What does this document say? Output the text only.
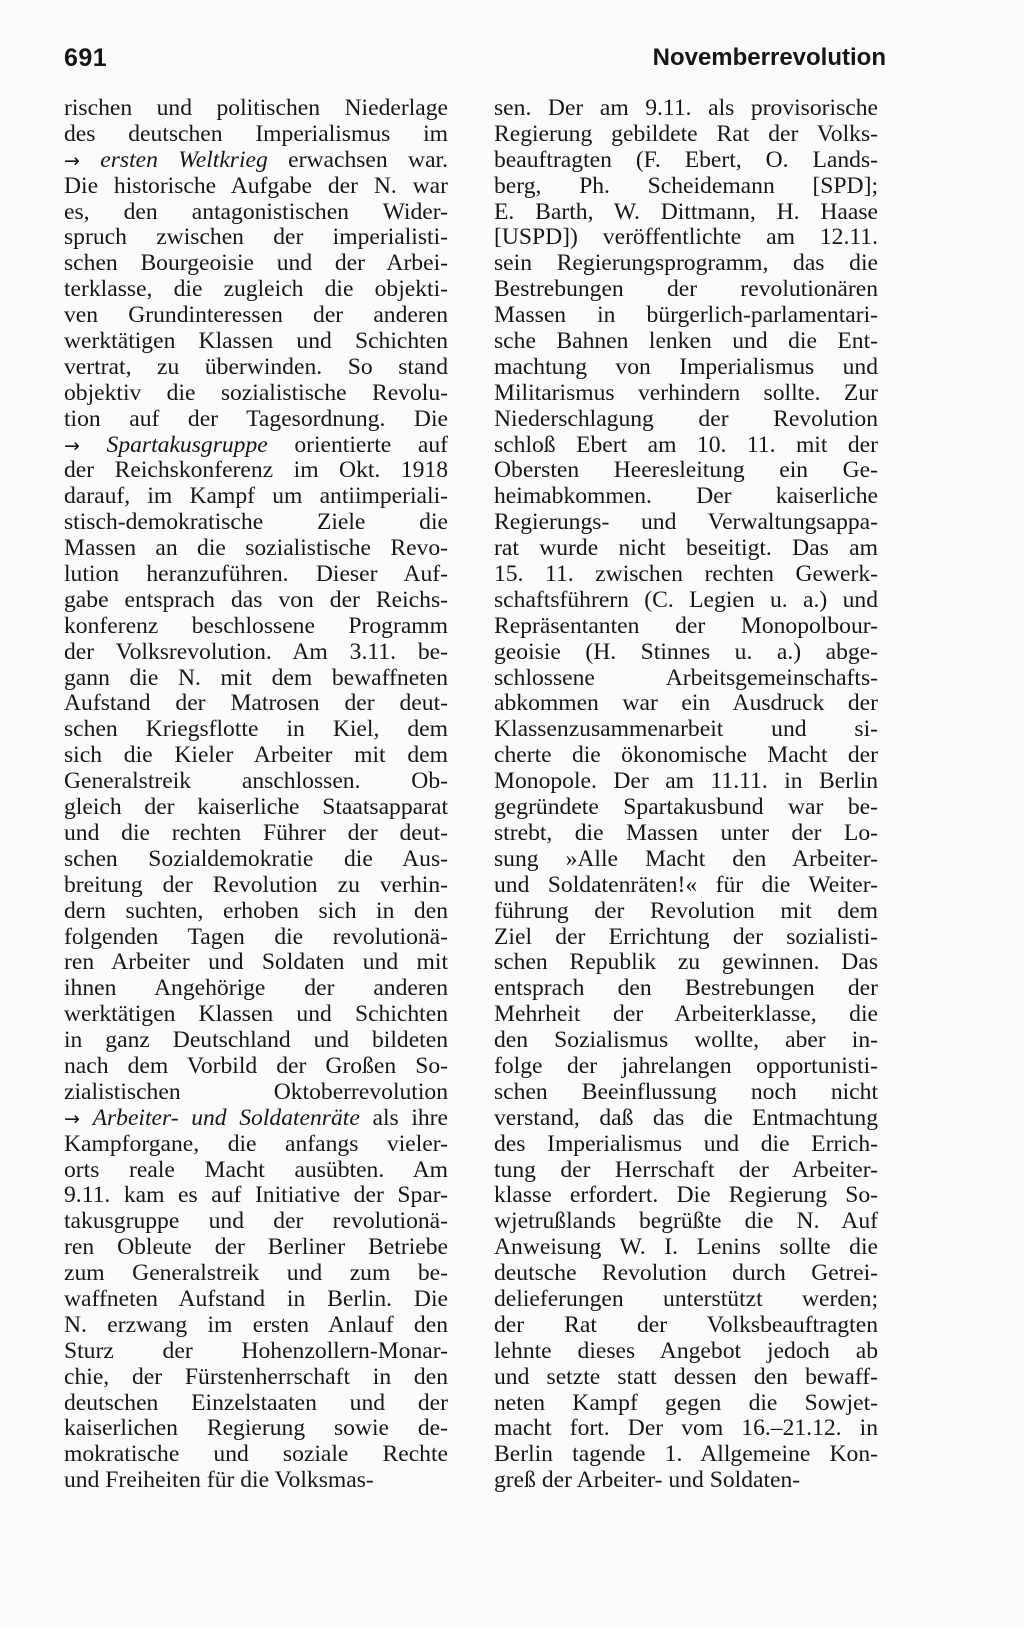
691	Novemberrevolution
rischen und politischen Niederlage
des deutschen Imperialismus im
→ ersten Weltkrieg erwachsen war.
Die historische Aufgabe der N. war
es, den antagonistischen Wider-
spruch zwischen der imperialisti-
schen Bourgeoisie und der Arbei-
terklasse, die zugleich die objekti-
ven Grundinteressen der anderen
werktätigen Klassen und Schichten
vertrat, zu überwinden. So stand
objektiv die sozialistische Revolu-
tion auf der Tagesordnung. Die
→ Spartakusgruppe orientierte auf
der Reichskonferenz im Okt. 1918
darauf, im Kampf um antiimperiali-
stisch-demokratische Ziele die
Massen an die sozialistische Revo-
lution heranzuführen. Dieser Auf-
gabe entsprach das von der Reichs-
konferenz beschlossene Programm
der Volksrevolution. Am 3.11. be-
gann die N. mit dem bewaffneten
Aufstand der Matrosen der deut-
schen Kriegsflotte in Kiel, dem
sich die Kieler Arbeiter mit dem
Generalstreik anschlossen. Ob-
gleich der kaiserliche Staatsapparat
und die rechten Führer der deut-
schen Sozialdemokratie die Aus-
breitung der Revolution zu verhin-
dern suchten, erhoben sich in den
folgenden Tagen die revolutionä-
ren Arbeiter und Soldaten und mit
ihnen Angehörige der anderen
werktätigen Klassen und Schichten
in ganz Deutschland und bildeten
nach dem Vorbild der Großen So-
zialistischen Oktoberrevolution
→ Arbeiter- und Soldatenräte als ihre
Kampforgane, die anfangs vieler-
orts reale Macht ausübten. Am
9.11. kam es auf Initiative der Spar-
takusgruppe und der revolutionä-
ren Obleute der Berliner Betriebe
zum Generalstreik und zum be-
waffneten Aufstand in Berlin. Die
N. erzwang im ersten Anlauf den
Sturz der Hohenzollern-Monar-
chie, der Fürstenherrschaft in den
deutschen Einzelstaaten und der
kaiserlichen Regierung sowie de-
mokratische und soziale Rechte
und Freiheiten für die Volksmas-
sen. Der am 9.11. als provisorische
Regierung gebildete Rat der Volks-
beauftragten (F. Ebert, O. Lands-
berg, Ph. Scheidemann [SPD];
E. Barth, W. Dittmann, H. Haase
[USPD]) veröffentlichte am 12.11.
sein Regierungsprogramm, das die
Bestrebungen der revolutionären
Massen in bürgerlich-parlamentari-
sche Bahnen lenken und die Ent-
machtung von Imperialismus und
Militarismus verhindern sollte. Zur
Niederschlagung der Revolution
schloß Ebert am 10. 11. mit der
Obersten Heeresleitung ein Ge-
heimabkommen. Der kaiserliche
Regierungs- und Verwaltungsappa-
rat wurde nicht beseitigt. Das am
15. 11. zwischen rechten Gewerk-
schaftsführern (C. Legien u. a.) und
Repräsentanten der Monopolbour-
geoisie (H. Stinnes u. a.) abge-
schlossene Arbeitsgemeinschafts-
abkommen war ein Ausdruck der
Klassenzusammenarbeit und si-
cherte die ökonomische Macht der
Monopole. Der am 11.11. in Berlin
gegründete Spartakusbund war be-
strebt, die Massen unter der Lo-
sung »Alle Macht den Arbeiter-
und Soldatenräten!« für die Weiter-
führung der Revolution mit dem
Ziel der Errichtung der sozialisti-
schen Republik zu gewinnen. Das
entsprach den Bestrebungen der
Mehrheit der Arbeiterklasse, die
den Sozialismus wollte, aber in-
folge der jahrelangen opportunisti-
schen Beeinflussung noch nicht
verstand, daß das die Entmachtung
des Imperialismus und die Errich-
tung der Herrschaft der Arbeiter-
klasse erfordert. Die Regierung So-
wjetrußlands begrüßte die N. Auf
Anweisung W. I. Lenins sollte die
deutsche Revolution durch Getrei-
delieferungen unterstützt werden;
der Rat der Volksbeauftragten
lehnte dieses Angebot jedoch ab
und setzte statt dessen den bewaff-
neten Kampf gegen die Sowjet-
macht fort. Der vom 16.–21.12. in
Berlin tagende 1. Allgemeine Kon-
greß der Arbeiter- und Soldaten-
